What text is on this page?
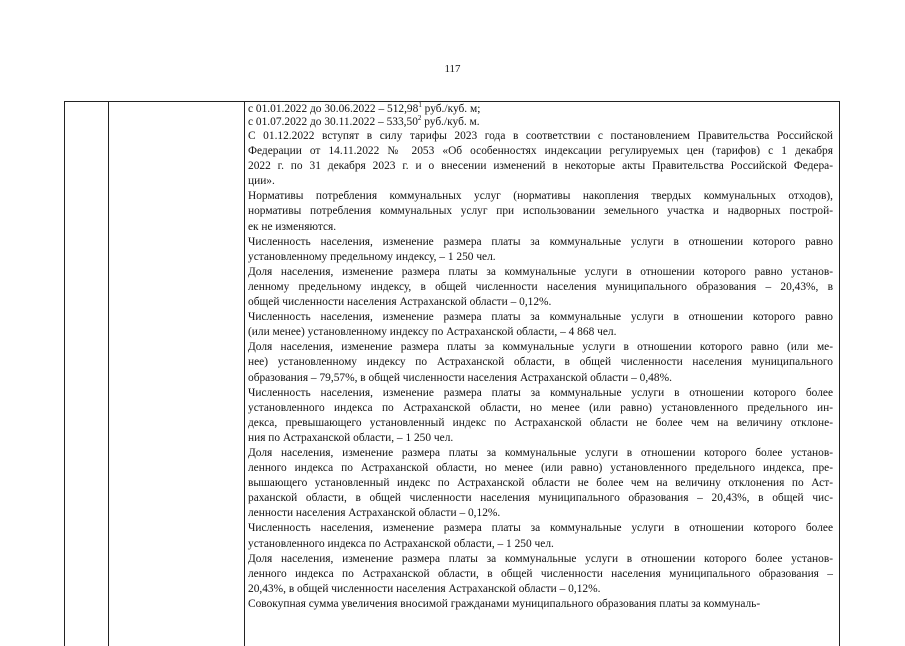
117

с 01.01.2022 до 30.06.2022 – 512,98$^1$ руб./куб. м;

с 01.07.2022 до 30.11.2022 – 533,50$^2$ руб./куб. м.

С 01.12.2022 вступят в силу тарифы 2023 года в соответствии с постановлением Правительства Российской
Федерации от 14.11.2022 № 2053 «Об особенностях индексации регулируемых цен (тарифов) с 1 декабря
2022 г. по 31 декабря 2023 г. и о внесении изменений в некоторые акты Правительства Российской Федера-
ции».

Нормативы потребления коммунальных услуг (нормативы накопления твердых коммунальных отходов),
нормативы потребления коммунальных услуг при использовании земельного участка и надворных построй-
ек не изменяются.

Численность населения, изменение размера платы за коммунальные услуги в отношении которого равно
установленному предельному индексу, – 1 250 чел.

Доля населения, изменение размера платы за коммунальные услуги в отношении которого равно установ-
ленному предельному индексу, в общей численности населения муниципального образования – 20,43%, в
общей численности населения Астраханской области – 0,12%.

Численность населения, изменение размера платы за коммунальные услуги в отношении которого равно
(или менее) установленному индексу по Астраханской области, – 4 868 чел.

Доля населения, изменение размера платы за коммунальные услуги в отношении которого равно (или ме-
нее) установленному индексу по Астраханской области, в общей численности населения муниципального
образования – 79,57%, в общей численности населения Астраханской области – 0,48%.

Численность населения, изменение размера платы за коммунальные услуги в отношении которого более
установленного индекса по Астраханской области, но менее (или равно) установленного предельного ин-
декса, превышающего установленный индекс по Астраханской области не более чем на величину отклоне-
ния по Астраханской области, – 1 250 чел.

Доля населения, изменение размера платы за коммунальные услуги в отношении которого более установ-
ленного индекса по Астраханской области, но менее (или равно) установленного предельного индекса, пре-
вышающего установленный индекс по Астраханской области не более чем на величину отклонения по Аст-
раханской области, в общей численности населения муниципального образования – 20,43%, в общей чис-
ленности населения Астраханской области – 0,12%.

Численность населения, изменение размера платы за коммунальные услуги в отношении которого более
установленного индекса по Астраханской области, – 1 250 чел.

Доля населения, изменение размера платы за коммунальные услуги в отношении которого более установ-
ленного индекса по Астраханской области, в общей численности населения муниципального образования –
20,43%, в общей численности населения Астраханской области – 0,12%.

Совокупная сумма увеличения вносимой гражданами муниципального образования платы за коммуналь-
